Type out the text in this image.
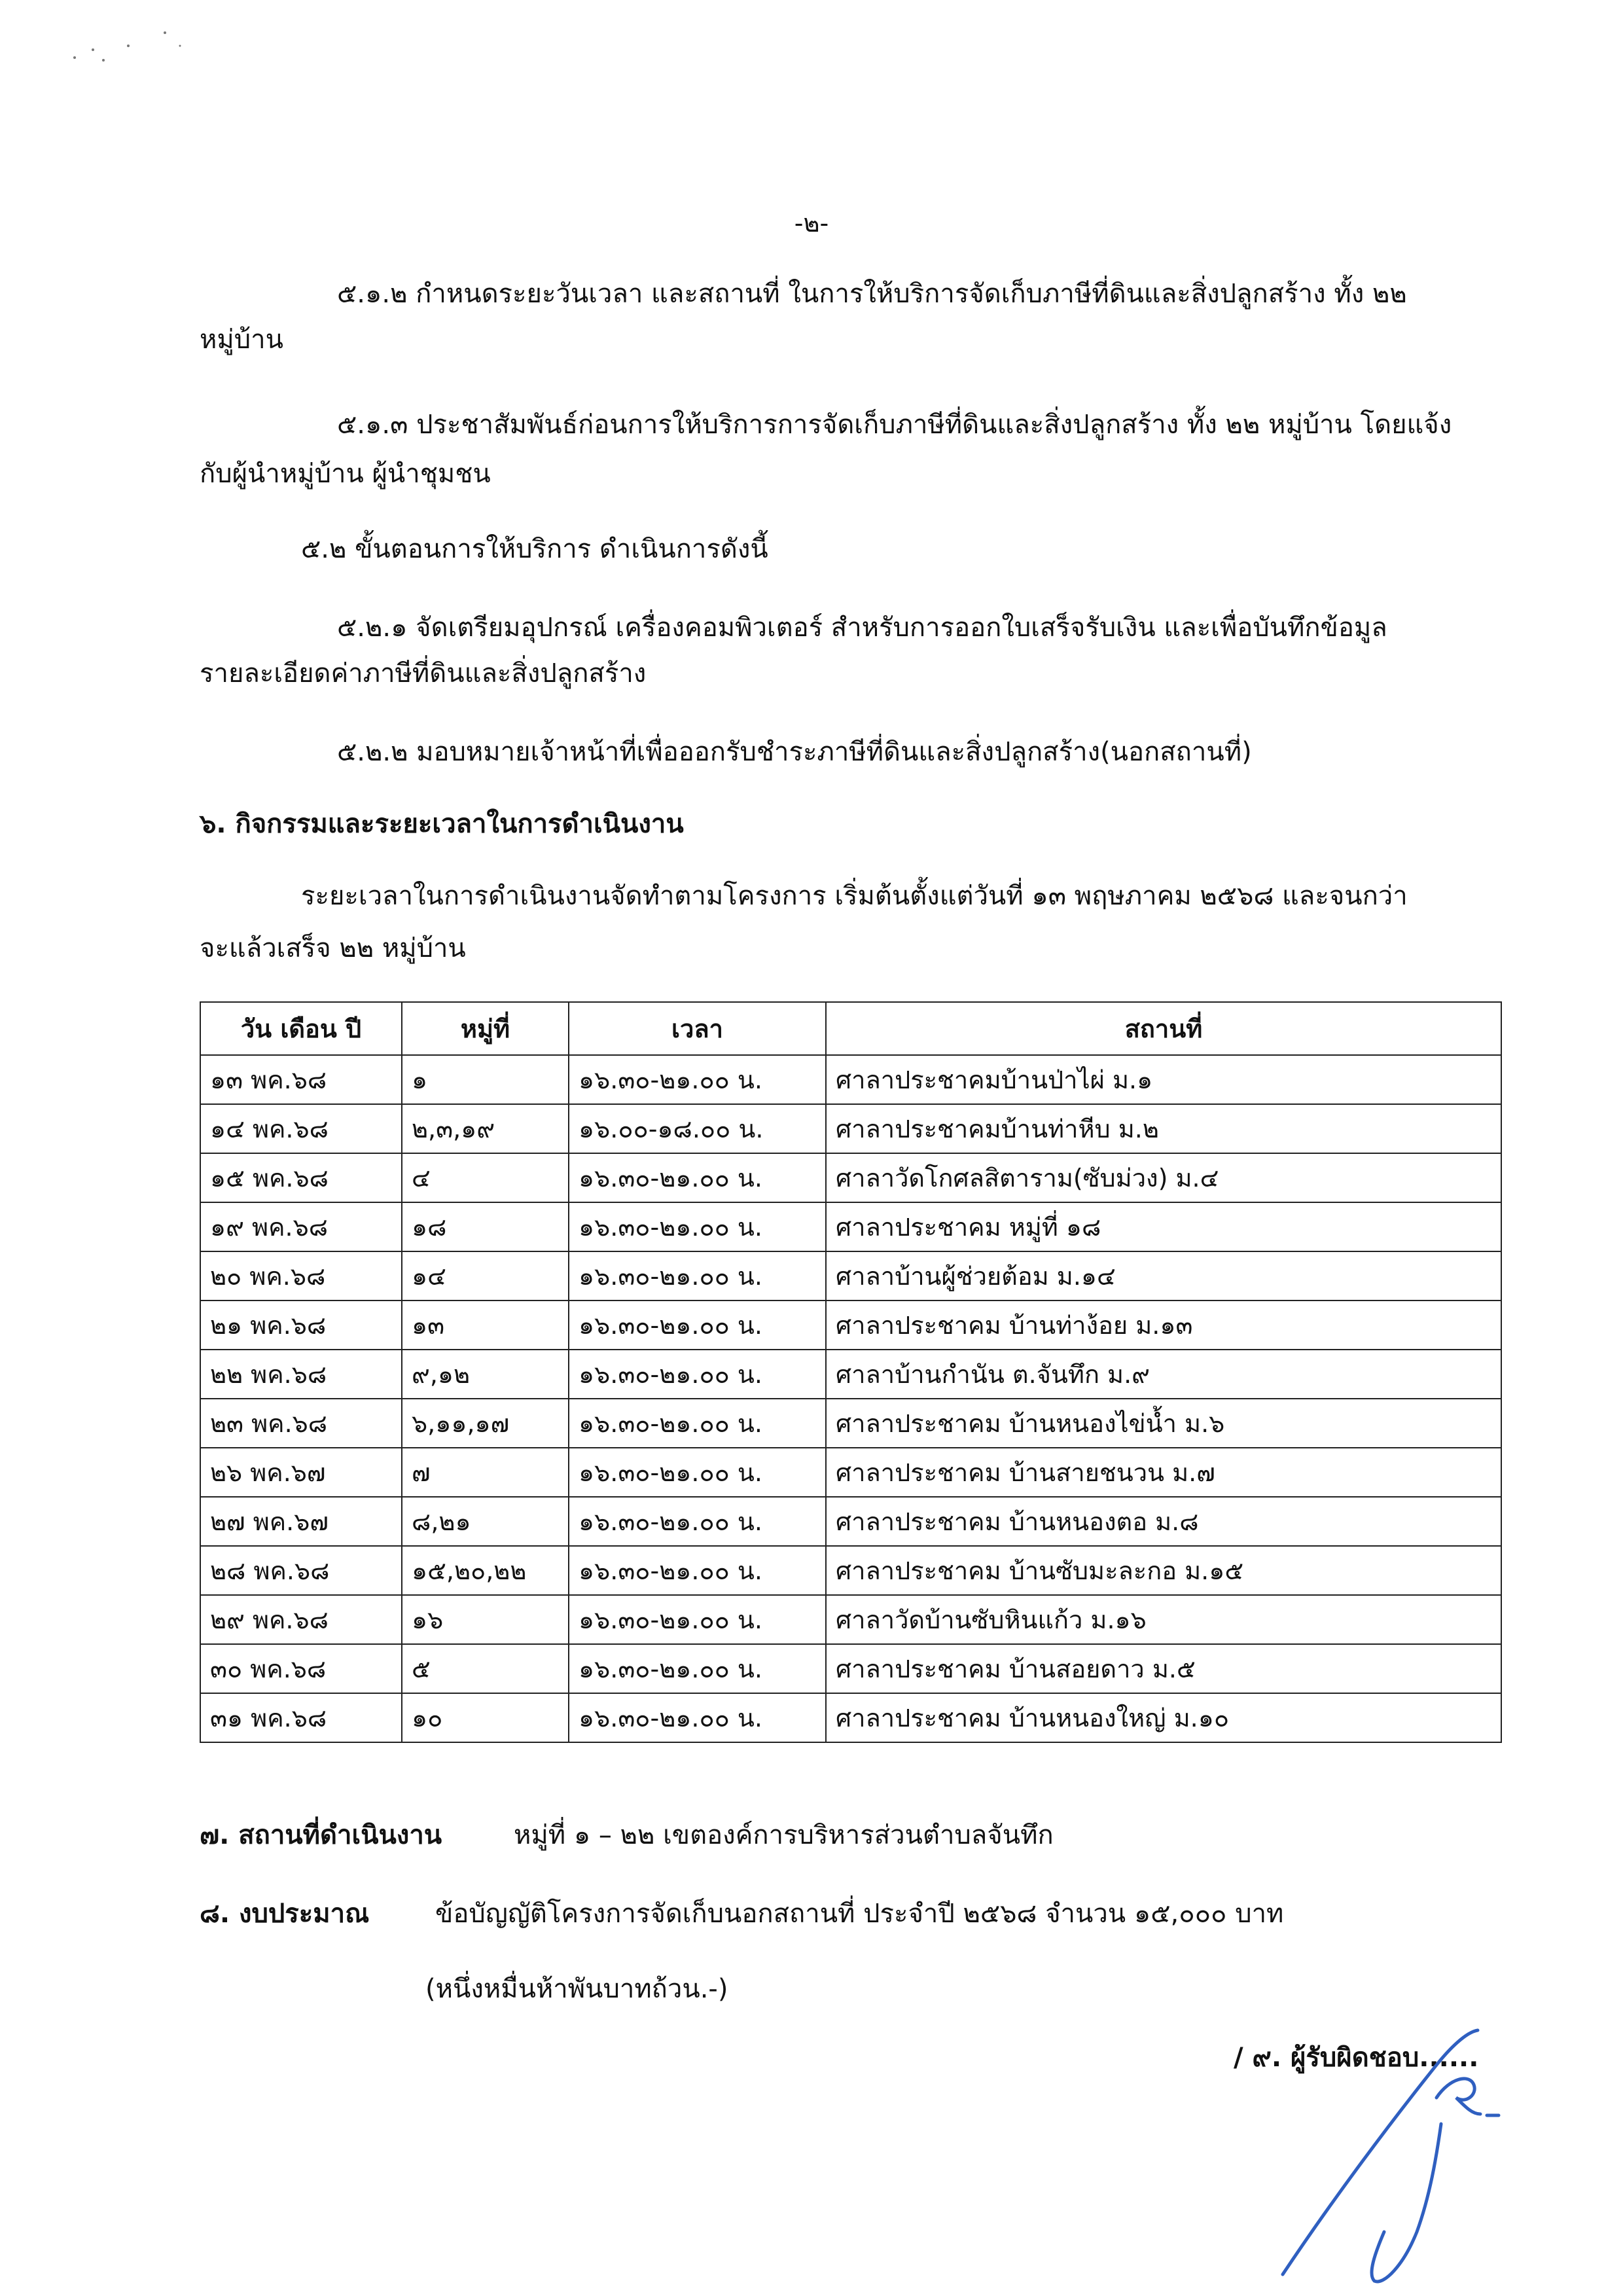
-๒-
๕.๑.๒ กำหนดระยะวันเวลา และสถานที่ ในการให้บริการจัดเก็บภาษีที่ดินและสิ่งปลูกสร้าง ทั้ง ๒๒
หมู่บ้าน
๕.๑.๓ ประชาสัมพันธ์ก่อนการให้บริการการจัดเก็บภาษีที่ดินและสิ่งปลูกสร้าง ทั้ง ๒๒ หมู่บ้าน โดยแจ้ง
กับผู้นำหมู่บ้าน ผู้นำชุมชน
๕.๒ ขั้นตอนการให้บริการ ดำเนินการดังนี้
๕.๒.๑ จัดเตรียมอุปกรณ์ เครื่องคอมพิวเตอร์ สำหรับการออกใบเสร็จรับเงิน และเพื่อบันทึกข้อมูล
รายละเอียดค่าภาษีที่ดินและสิ่งปลูกสร้าง
๕.๒.๒ มอบหมายเจ้าหน้าที่เพื่อออกรับชำระภาษีที่ดินและสิ่งปลูกสร้าง(นอกสถานที่)
๖. กิจกรรมและระยะเวลาในการดำเนินงาน
ระยะเวลาในการดำเนินงานจัดทำตามโครงการ เริ่มต้นตั้งแต่วันที่ ๑๓ พฤษภาคม ๒๕๖๘ และจนกว่า
จะแล้วเสร็จ ๒๒ หมู่บ้าน
วัน เดือน ปี	หมู่ที่	เวลา	สถานที่
๑๓ พค.๖๘	๑	๑๖.๓๐-๒๑.๐๐ น.	ศาลาประชาคมบ้านป่าไผ่ ม.๑
๑๔ พค.๖๘	๒,๓,๑๙	๑๖.๐๐-๑๘.๐๐ น.	ศาลาประชาคมบ้านท่าหีบ ม.๒
๑๕ พค.๖๘	๔	๑๖.๓๐-๒๑.๐๐ น.	ศาลาวัดโกศลสิตาราม(ซับม่วง) ม.๔
๑๙ พค.๖๘	๑๘	๑๖.๓๐-๒๑.๐๐ น.	ศาลาประชาคม หมู่ที่ ๑๘
๒๐ พค.๖๘	๑๔	๑๖.๓๐-๒๑.๐๐ น.	ศาลาบ้านผู้ช่วยต้อม ม.๑๔
๒๑ พค.๖๘	๑๓	๑๖.๓๐-๒๑.๐๐ น.	ศาลาประชาคม บ้านท่าง้อย ม.๑๓
๒๒ พค.๖๘	๙,๑๒	๑๖.๓๐-๒๑.๐๐ น.	ศาลาบ้านกำนัน ต.จันทึก ม.๙
๒๓ พค.๖๘	๖,๑๑,๑๗	๑๖.๓๐-๒๑.๐๐ น.	ศาลาประชาคม บ้านหนองไข่น้ำ ม.๖
๒๖ พค.๖๗	๗	๑๖.๓๐-๒๑.๐๐ น.	ศาลาประชาคม บ้านสายชนวน ม.๗
๒๗ พค.๖๗	๘,๒๑	๑๖.๓๐-๒๑.๐๐ น.	ศาลาประชาคม บ้านหนองตอ ม.๘
๒๘ พค.๖๘	๑๕,๒๐,๒๒	๑๖.๓๐-๒๑.๐๐ น.	ศาลาประชาคม บ้านซับมะละกอ ม.๑๕
๒๙ พค.๖๘	๑๖	๑๖.๓๐-๒๑.๐๐ น.	ศาลาวัดบ้านซับหินแก้ว ม.๑๖
๓๐ พค.๖๘	๕	๑๖.๓๐-๒๑.๐๐ น.	ศาลาประชาคม บ้านสอยดาว ม.๕
๓๑ พค.๖๘	๑๐	๑๖.๓๐-๒๑.๐๐ น.	ศาลาประชาคม บ้านหนองใหญ่ ม.๑๐
๗. สถานที่ดำเนินงาน	หมู่ที่ ๑ – ๒๒ เขตองค์การบริหารส่วนตำบลจันทึก
๘. งบประมาณ	ข้อบัญญัติโครงการจัดเก็บนอกสถานที่ ประจำปี ๒๕๖๘ จำนวน ๑๕,๐๐๐ บาท
(หนึ่งหมื่นห้าพันบาทถ้วน.-)
/ ๙. ผู้รับผิดชอบ......
